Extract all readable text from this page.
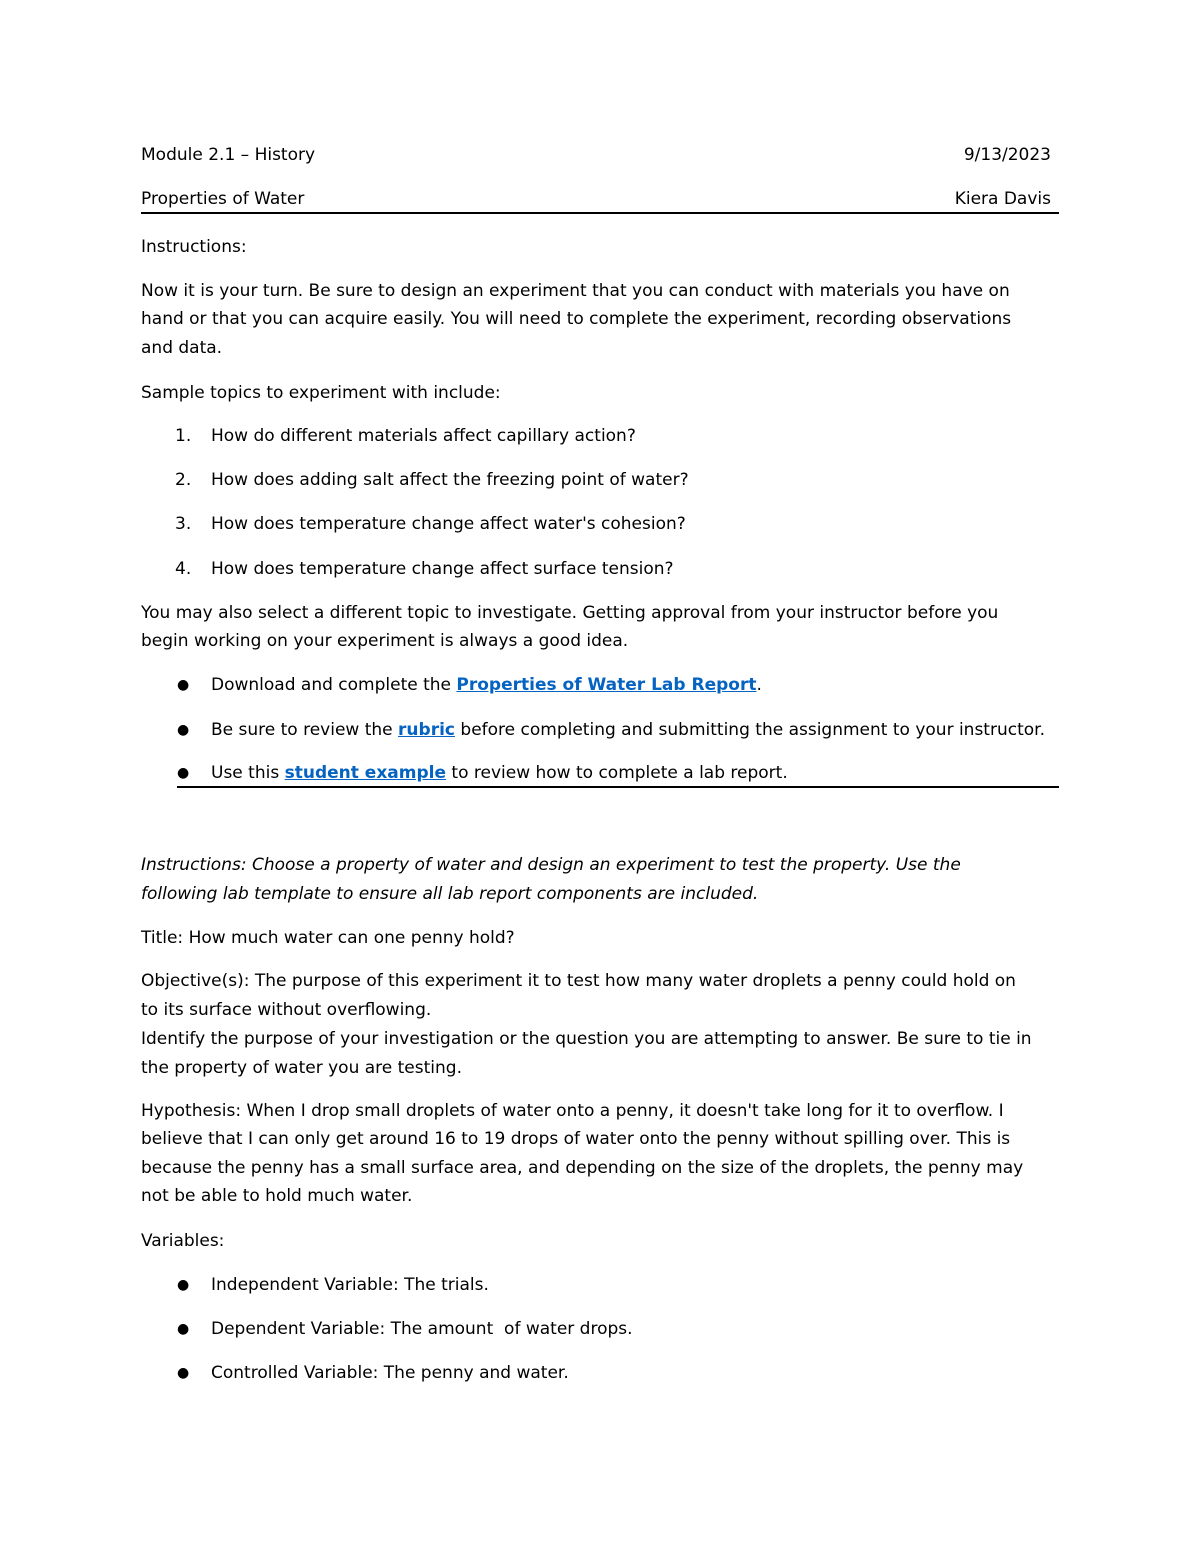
Module 2.1 – History	9/13/2023
Properties of Water	Kiera Davis
Instructions:
Now it is your turn. Be sure to design an experiment that you can conduct with materials you have on
hand or that you can acquire easily. You will need to complete the experiment, recording observations
and data.
Sample topics to experiment with include:
1.	How do different materials affect capillary action?
2.	How does adding salt affect the freezing point of water?
3.	How does temperature change affect water's cohesion?
4.	How does temperature change affect surface tension?
You may also select a different topic to investigate. Getting approval from your instructor before you
begin working on your experiment is always a good idea.
● Download and complete the Properties of Water Lab Report.
● Be sure to review the rubric before completing and submitting the assignment to your instructor.
● Use this student example to review how to complete a lab report.
Instructions: Choose a property of water and design an experiment to test the property. Use the
following lab template to ensure all lab report components are included.
Title: How much water can one penny hold?
Objective(s): The purpose of this experiment it to test how many water droplets a penny could hold on
to its surface without overflowing.
Identify the purpose of your investigation or the question you are attempting to answer. Be sure to tie in
the property of water you are testing.
Hypothesis: When I drop small droplets of water onto a penny, it doesn't take long for it to overflow. I
believe that I can only get around 16 to 19 drops of water onto the penny without spilling over. This is
because the penny has a small surface area, and depending on the size of the droplets, the penny may
not be able to hold much water.
Variables:
● Independent Variable: The trials.
● Dependent Variable: The amount  of water drops.
● Controlled Variable: The penny and water.
